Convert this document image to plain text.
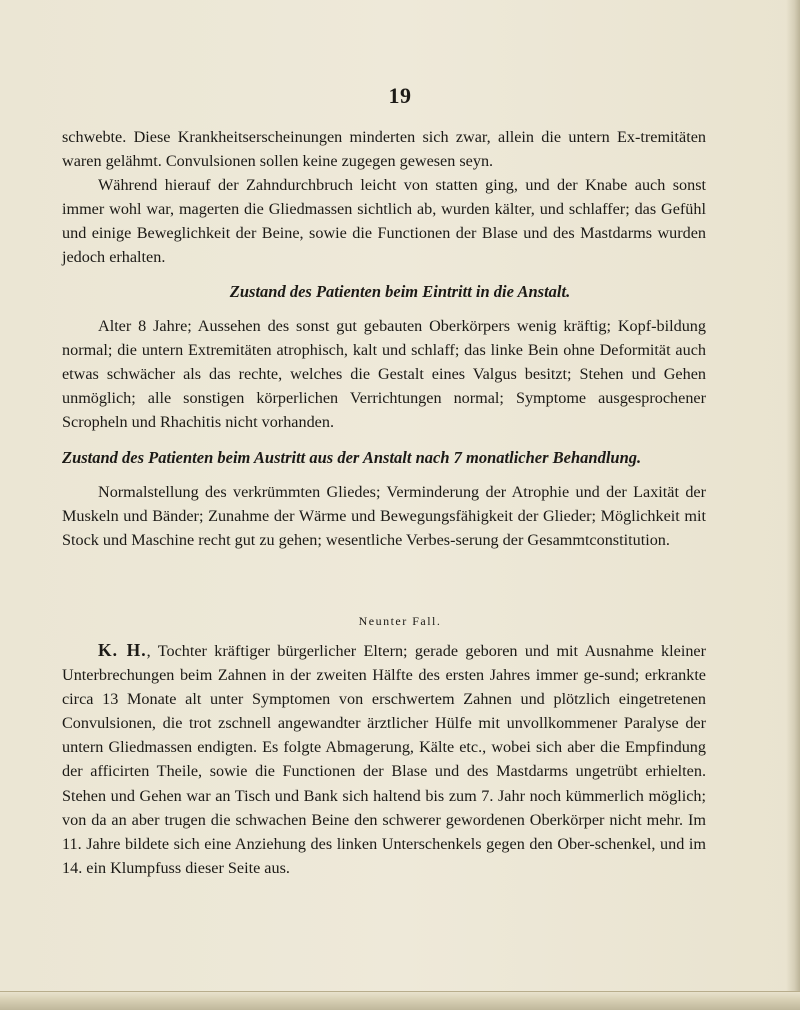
19

schwebte. Diese Krankheitserscheinungen minderten sich zwar, allein die untern Ex-tremitäten waren gelähmt. Convulsionen sollen keine zugegen gewesen seyn.

Während hierauf der Zahndurchbruch leicht von statten ging, und der Knabe auch sonst immer wohl war, magerten die Gliedmassen sichtlich ab, wurden kälter, und schlaffer; das Gefühl und einige Beweglichkeit der Beine, sowie die Functionen der Blase und des Mastdarms wurden jedoch erhalten.

Zustand des Patienten beim Eintritt in die Anstalt.

Alter 8 Jahre; Aussehen des sonst gut gebauten Oberkörpers wenig kräftig; Kopf-bildung normal; die untern Extremitäten atrophisch, kalt und schlaff; das linke Bein ohne Deformität auch etwas schwächer als das rechte, welches die Gestalt eines Valgus besitzt; Stehen und Gehen unmöglich; alle sonstigen körperlichen Verrichtungen normal; Symptome ausgesprochener Scropheln und Rhachitis nicht vorhanden.

Zustand des Patienten beim Austritt aus der Anstalt nach 7 monatlicher Behandlung.

Normalstellung des verkrümmten Gliedes; Verminderung der Atrophie und der Laxität der Muskeln und Bänder; Zunahme der Wärme und Bewegungsfähigkeit der Glieder; Möglichkeit mit Stock und Maschine recht gut zu gehen; wesentliche Verbes-serung der Gesammtconstitution.

Neunter Fall.

K. H., Tochter kräftiger bürgerlicher Eltern; gerade geboren und mit Ausnahme kleiner Unterbrechungen beim Zahnen in der zweiten Hälfte des ersten Jahres immer ge-sund; erkrankte circa 13 Monate alt unter Symptomen von erschwertem Zahnen und plötzlich eingetretenen Convulsionen, die trot zschnell angewandter ärztlicher Hülfe mit unvollkommener Paralyse der untern Gliedmassen endigten. Es folgte Abmagerung, Kälte etc., wobei sich aber die Empfindung der afficirten Theile, sowie die Functionen der Blase und des Mastdarms ungetrübt erhielten. Stehen und Gehen war an Tisch und Bank sich haltend bis zum 7. Jahr noch kümmerlich möglich; von da an aber trugen die schwachen Beine den schwerer gewordenen Oberkörper nicht mehr. Im 11. Jahre bildete sich eine Anziehung des linken Unterschenkels gegen den Ober-schenkel, und im 14. ein Klumpfuss dieser Seite aus.
